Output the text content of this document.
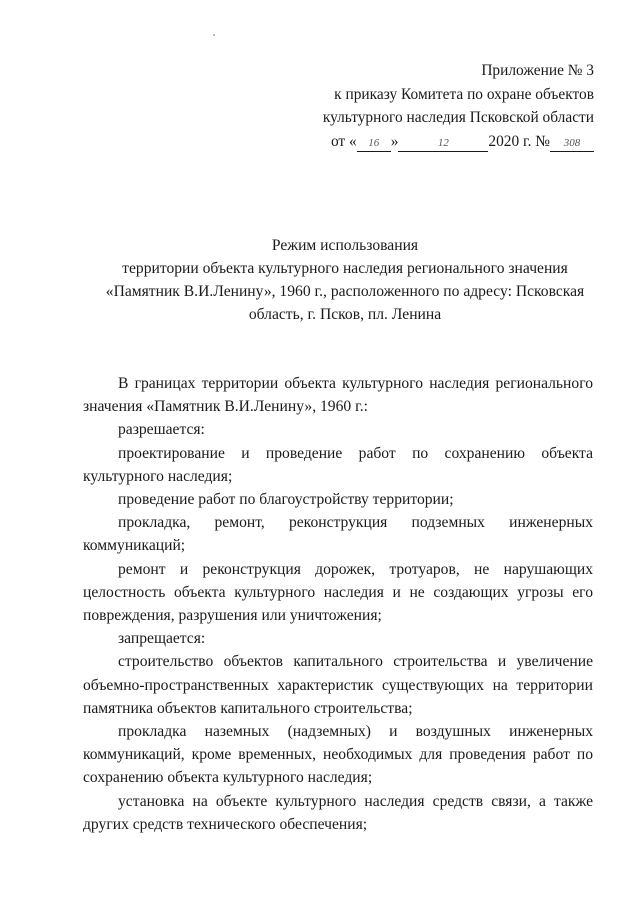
Приложение № 3
к приказу Комитета по охране объектов
культурного наследия Псковской области
от « 16 »	12	2020 г. № 308
Режим использования
территории объекта культурного наследия регионального значения
«Памятник В.И.Ленину», 1960 г., расположенного по адресу: Псковская
область, г. Псков, пл. Ленина

В границах территории объекта культурного наследия регионального значения «Памятник В.И.Ленину», 1960 г.:

разрешается:

проектирование и проведение работ по сохранению объекта культурного наследия;

проведение работ по благоустройству территории;

прокладка, ремонт, реконструкция подземных инженерных коммуникаций;

ремонт и реконструкция дорожек, тротуаров, не нарушающих целостность объекта культурного наследия и не создающих угрозы его повреждения, разрушения или уничтожения;

запрещается:

строительство объектов капитального строительства и увеличение объемно-пространственных характеристик существующих на территории памятника объектов капитального строительства;

прокладка наземных (надземных) и воздушных инженерных коммуникаций, кроме временных, необходимых для проведения работ по сохранению объекта культурного наследия;

установка на объекте культурного наследия средств связи, а также других средств технического обеспечения;
